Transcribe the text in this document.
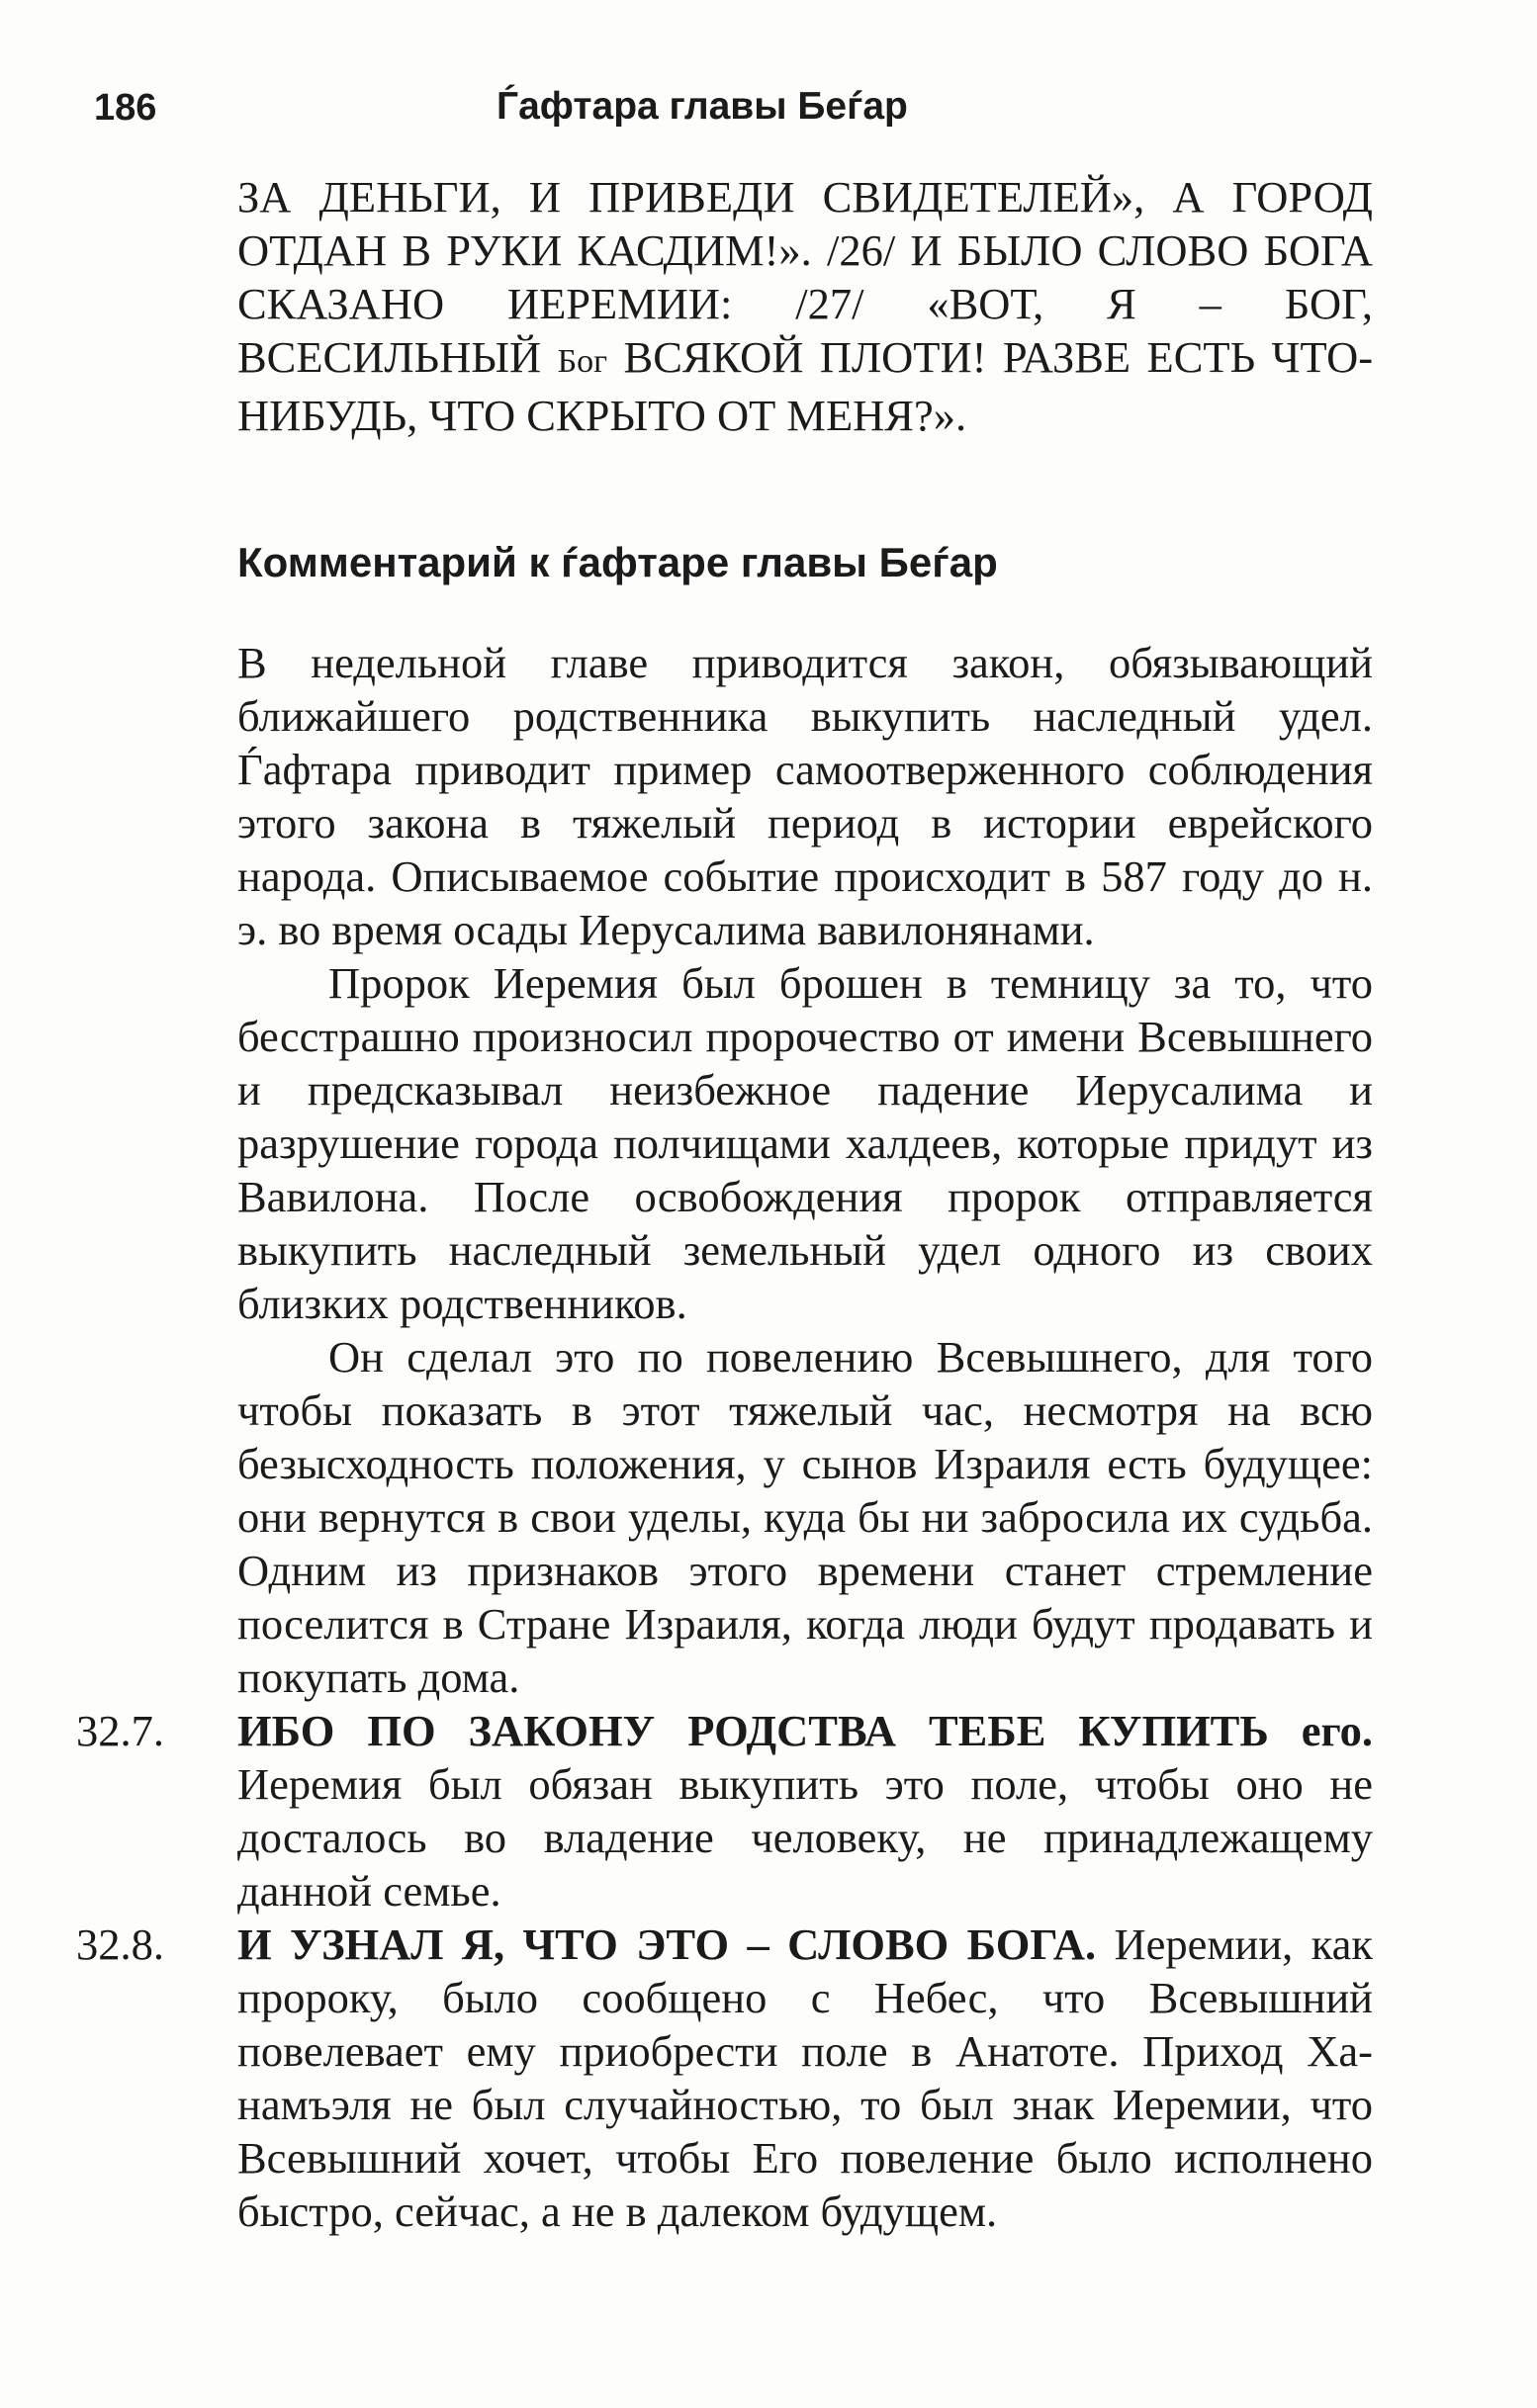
186	Ѓафтара главы Беѓар

ЗА ДЕНЬГИ, И ПРИВЕДИ СВИДЕТЕЛЕЙ», А ГОРОД ОТДАН В РУКИ КАСДИМ!». /26/ И БЫЛО СЛОВО БОГА СКАЗАНО ИЕРЕМИИ: /27/ «ВОТ, Я – БОГ, ВСЕСИЛЬНЫЙ Бог ВСЯКОЙ ПЛОТИ! РАЗВЕ ЕСТЬ ЧТО-НИБУДЬ, ЧТО СКРЫТО ОТ МЕНЯ?».

Комментарий к ѓафтаре главы Беѓар

В недельной главе приводится закон, обязывающий ближайшего родственника выкупить наследный удел. Ѓафтара приводит пример самоотверженного соблюдения этого закона в тяжелый период в истории еврейского народа. Описываемое событие происходит в 587 году до н. э. во время осады Иерусалима вавилонянами.

Пророк Иеремия был брошен в темницу за то, что бесстрашно произносил пророчество от имени Всевышнего и предсказывал неизбежное падение Иерусалима и разрушение города полчищами халдеев, которые придут из Вавилона. После освобождения пророк отправляется выкупить наследный земельный удел одного из своих близких родственников.

Он сделал это по повелению Всевышнего, для того чтобы показать в этот тяжелый час, несмотря на всю безысходность положения, у сынов Израиля есть будущее: они вернутся в свои уделы, куда бы ни забросила их судьба. Одним из признаков этого времени станет стремление поселится в Стране Израиля, когда люди будут продавать и покупать дома.

32.7. ИБО ПО ЗАКОНУ РОДСТВА ТЕБЕ КУПИТЬ его. Иеремия был обязан выкупить это поле, чтобы оно не досталось во владение человеку, не принадлежащему данной семье.

32.8. И УЗНАЛ Я, ЧТО ЭТО – СЛОВО БОГА. Иеремии, как пророку, было сообщено с Небес, что Всевышний повелевает ему приобрести поле в Анатоте. Приход Ханамъэля не был случайностью, то был знак Иеремии, что Всевышний хочет, чтобы Его повеление было исполнено быстро, сейчас, а не в далеком будущем.
